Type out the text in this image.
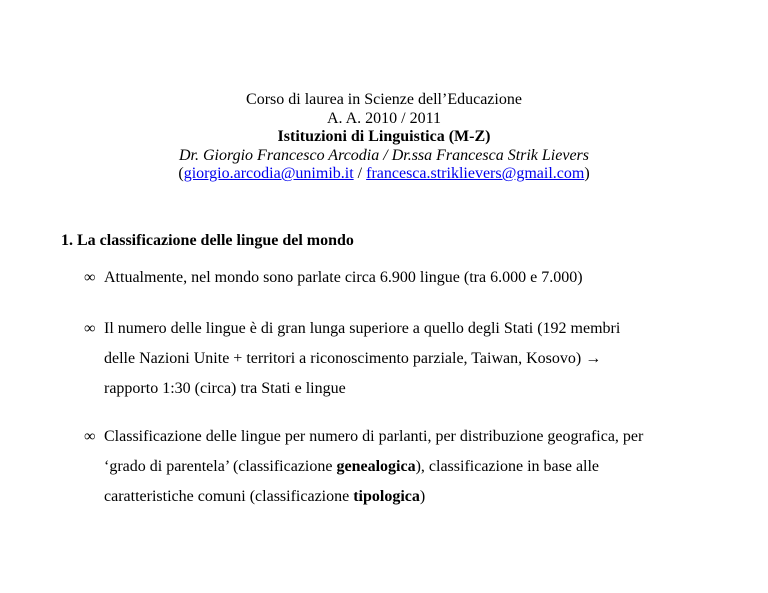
Corso di laurea in Scienze dell’Educazione
A. A. 2010 / 2011
Istituzioni di Linguistica (M-Z)
Dr. Giorgio Francesco Arcodia / Dr.ssa Francesca Strik Lievers
(giorgio.arcodia@unimib.it / francesca.striklievers@gmail.com)
1. La classificazione delle lingue del mondo
∞ Attualmente, nel mondo sono parlate circa 6.900 lingue (tra 6.000 e 7.000)
∞ Il numero delle lingue è di gran lunga superiore a quello degli Stati (192 membri
delle Nazioni Unite + territori a riconoscimento parziale, Taiwan, Kosovo) →
rapporto 1:30 (circa) tra Stati e lingue
∞ Classificazione delle lingue per numero di parlanti, per distribuzione geografica, per
‘grado di parentela’ (classificazione genealogica), classificazione in base alle
caratteristiche comuni (classificazione tipologica)
